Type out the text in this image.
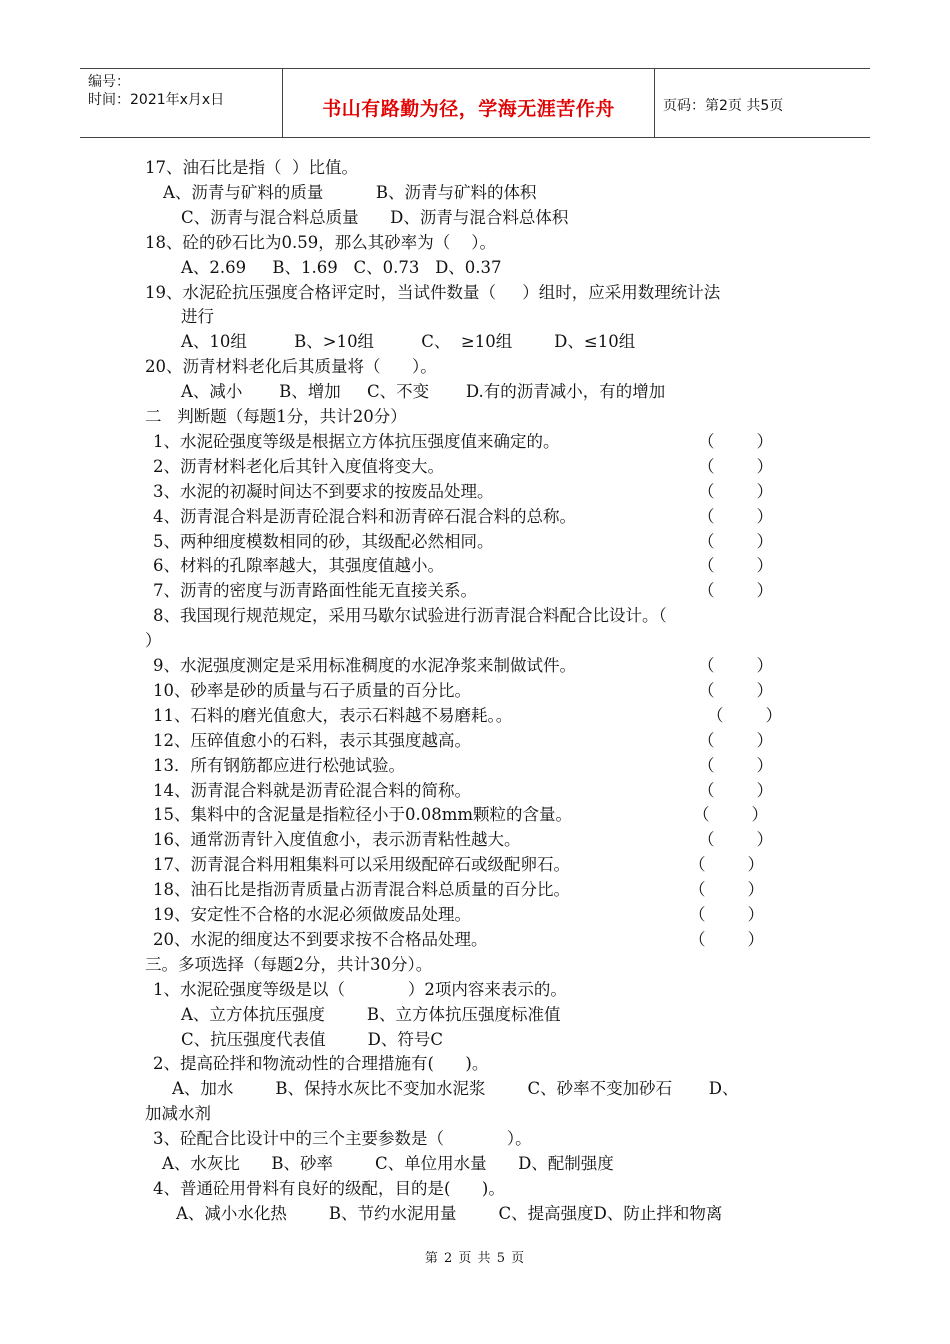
编号：
时间：2021年x月x日	书山有路勤为径，学海无涯苦作舟	页码：第2页 共5页
17、油石比是指（  ）比值。
A、沥青与矿料的质量          B、沥青与矿料的体积
C、沥青与混合料总质量      D、沥青与混合料总体积
18、砼的砂石比为0.59，那么其砂率为（    ）。
A、2.69     B、1.69   C、0.73   D、0.37
19、水泥砼抗压强度合格评定时，当试件数量（     ）组时，应采用数理统计法
进行
A、10组         B、>10组         C、  ≥10组        D、≤10组
20、沥青材料老化后其质量将（      ）。
A、减小       B、增加     C、不变       D.有的沥青减小，有的增加
二   判断题（每题1分，共计20分）
1、水泥砼强度等级是根据立方体抗压强度值来确定的。	（        ）
2、沥青材料老化后其针入度值将变大。	（        ）
3、水泥的初凝时间达不到要求的按废品处理。	（        ）
4、沥青混合料是沥青砼混合料和沥青碎石混合料的总称。	（        ）
5、两种细度模数相同的砂，其级配必然相同。	（        ）
6、材料的孔隙率越大，其强度值越小。	（        ）
7、沥青的密度与沥青路面性能无直接关系。	（        ）
8、我国现行规范规定，采用马歇尔试验进行沥青混合料配合比设计。（
）
9、水泥强度测定是采用标准稠度的水泥净浆来制做试件。	（        ）
10、砂率是砂的质量与石子质量的百分比。	（        ）
11、石料的磨光值愈大，表示石料越不易磨耗。。	（        ）
12、压碎值愈小的石料，表示其强度越高。	（        ）
13．所有钢筋都应进行松弛试验。	（        ）
14、沥青混合料就是沥青砼混合料的简称。	（        ）
15、集料中的含泥量是指粒径小于0.08mm颗粒的含量。	（        ）
16、通常沥青针入度值愈小，表示沥青粘性越大。	（        ）
17、沥青混合料用粗集料可以采用级配碎石或级配卵石。	（        ）
18、油石比是指沥青质量占沥青混合料总质量的百分比。	（        ）
19、安定性不合格的水泥必须做废品处理。	（        ）
20、水泥的细度达不到要求按不合格品处理。	（        ）
三。多项选择（每题2分，共计30分）。
1、水泥砼强度等级是以（            ）2项内容来表示的。
A、立方体抗压强度        B、立方体抗压强度标准值
C、抗压强度代表值        D、符号C
2、提高砼拌和物流动性的合理措施有(      )。
A、加水        B、保持水灰比不变加水泥浆        C、砂率不变加砂石       D、
加减水剂
3、砼配合比设计中的三个主要参数是（            ）。
A、水灰比      B、砂率        C、单位用水量      D、配制强度
4、普通砼用骨料有良好的级配，目的是(      )。
A、减小水化热        B、节约水泥用量        C、提高强度D、防止拌和物离
第 2 页 共 5 页
